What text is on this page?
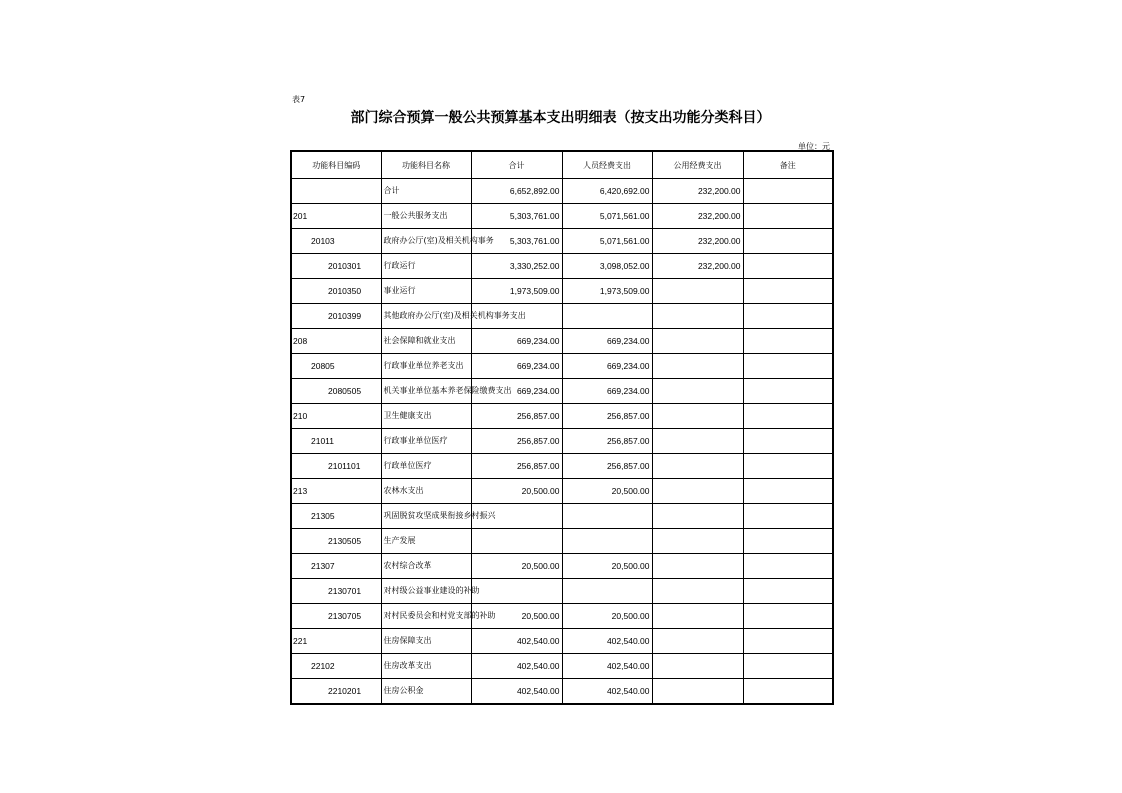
表7
部门综合预算一般公共预算基本支出明细表（按支出功能分类科目）
单位：元
功能科目编码	功能科目名称	合计	人员经费支出	公用经费支出	备注
	合计	6,652,892.00	6,420,692.00	232,200.00	
201	一般公共服务支出	5,303,761.00	5,071,561.00	232,200.00	
20103	政府办公厅(室)及相关机构事务	5,303,761.00	5,071,561.00	232,200.00	
2010301	行政运行	3,330,252.00	3,098,052.00	232,200.00	
2010350	事业运行	1,973,509.00	1,973,509.00		
2010399	其他政府办公厅(室)及相关机构事务支出				
208	社会保障和就业支出	669,234.00	669,234.00		
20805	行政事业单位养老支出	669,234.00	669,234.00		
2080505	机关事业单位基本养老保险缴费支出	669,234.00	669,234.00		
210	卫生健康支出	256,857.00	256,857.00		
21011	行政事业单位医疗	256,857.00	256,857.00		
2101101	行政单位医疗	256,857.00	256,857.00		
213	农林水支出	20,500.00	20,500.00		
21305	巩固脱贫攻坚成果衔接乡村振兴				
2130505	生产发展				
21307	农村综合改革	20,500.00	20,500.00		
2130701	对村级公益事业建设的补助				
2130705	对村民委员会和村党支部的补助	20,500.00	20,500.00		
221	住房保障支出	402,540.00	402,540.00		
22102	住房改革支出	402,540.00	402,540.00		
2210201	住房公积金	402,540.00	402,540.00		
